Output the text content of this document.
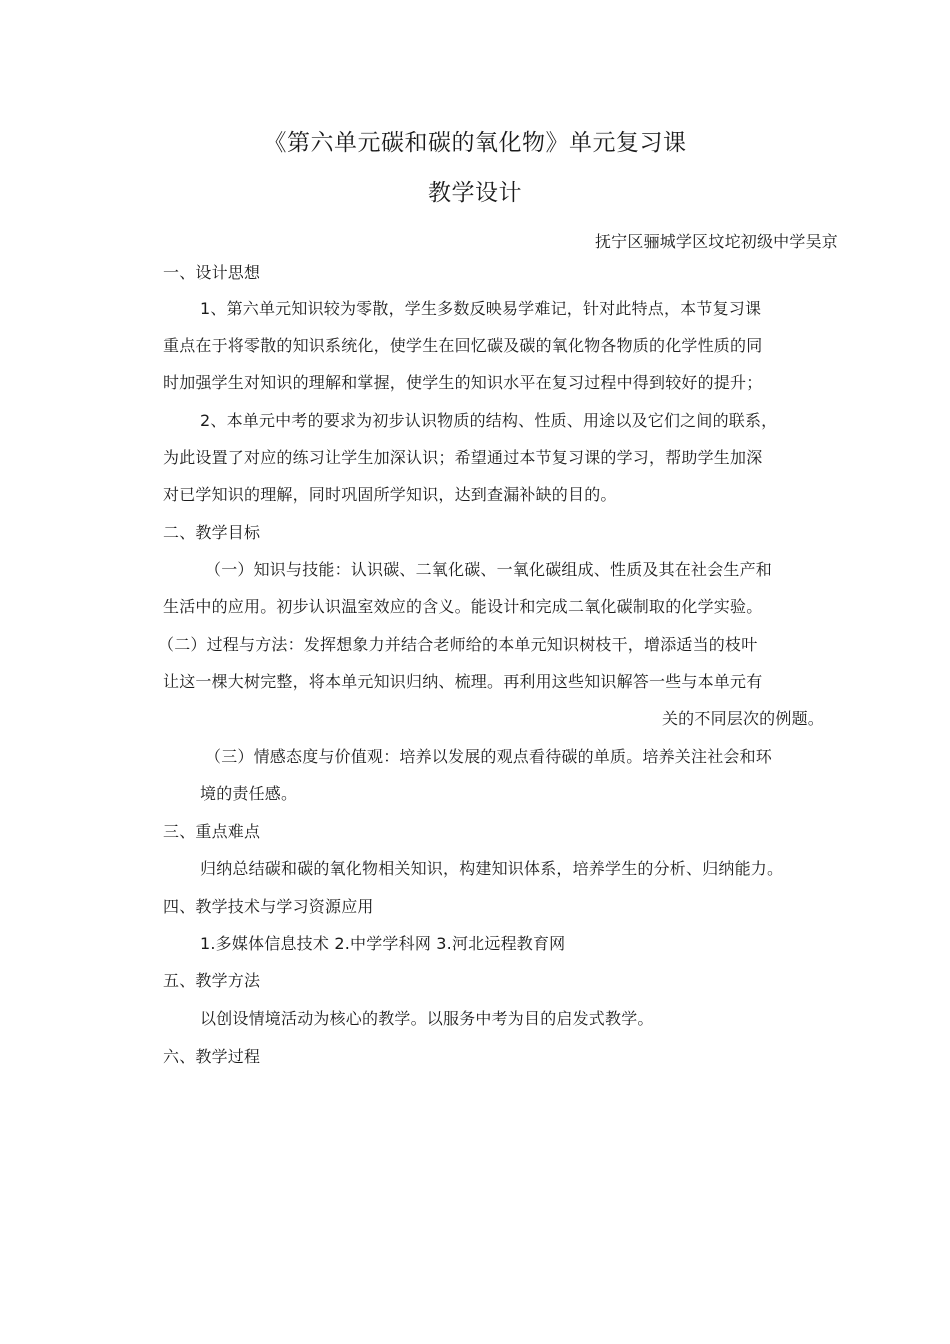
《第六单元碳和碳的氧化物》单元复习课
教学设计
抚宁区骊城学区坟坨初级中学吴京
一、设计思想
1、第六单元知识较为零散，学生多数反映易学难记，针对此特点，本节复习课
重点在于将零散的知识系统化，使学生在回忆碳及碳的氧化物各物质的化学性质的同
时加强学生对知识的理解和掌握，使学生的知识水平在复习过程中得到较好的提升；
2、本单元中考的要求为初步认识物质的结构、性质、用途以及它们之间的联系，
为此设置了对应的练习让学生加深认识；希望通过本节复习课的学习，帮助学生加深
对已学知识的理解，同时巩固所学知识，达到查漏补缺的目的。
二、教学目标
（一）知识与技能：认识碳、二氧化碳、一氧化碳组成、性质及其在社会生产和
生活中的应用。初步认识温室效应的含义。能设计和完成二氧化碳制取的化学实验。
（二）过程与方法：发挥想象力并结合老师给的本单元知识树枝干，增添适当的枝叶
让这一棵大树完整，将本单元知识归纳、梳理。再利用这些知识解答一些与本单元有
关的不同层次的例题。
（三）情感态度与价值观：培养以发展的观点看待碳的单质。培养关注社会和环
境的责任感。
三、重点难点
归纳总结碳和碳的氧化物相关知识，构建知识体系，培养学生的分析、归纳能力。
四、教学技术与学习资源应用
1.多媒体信息技术 2.中学学科网 3.河北远程教育网
五、教学方法
以创设情境活动为核心的教学。以服务中考为目的启发式教学。
六、教学过程
